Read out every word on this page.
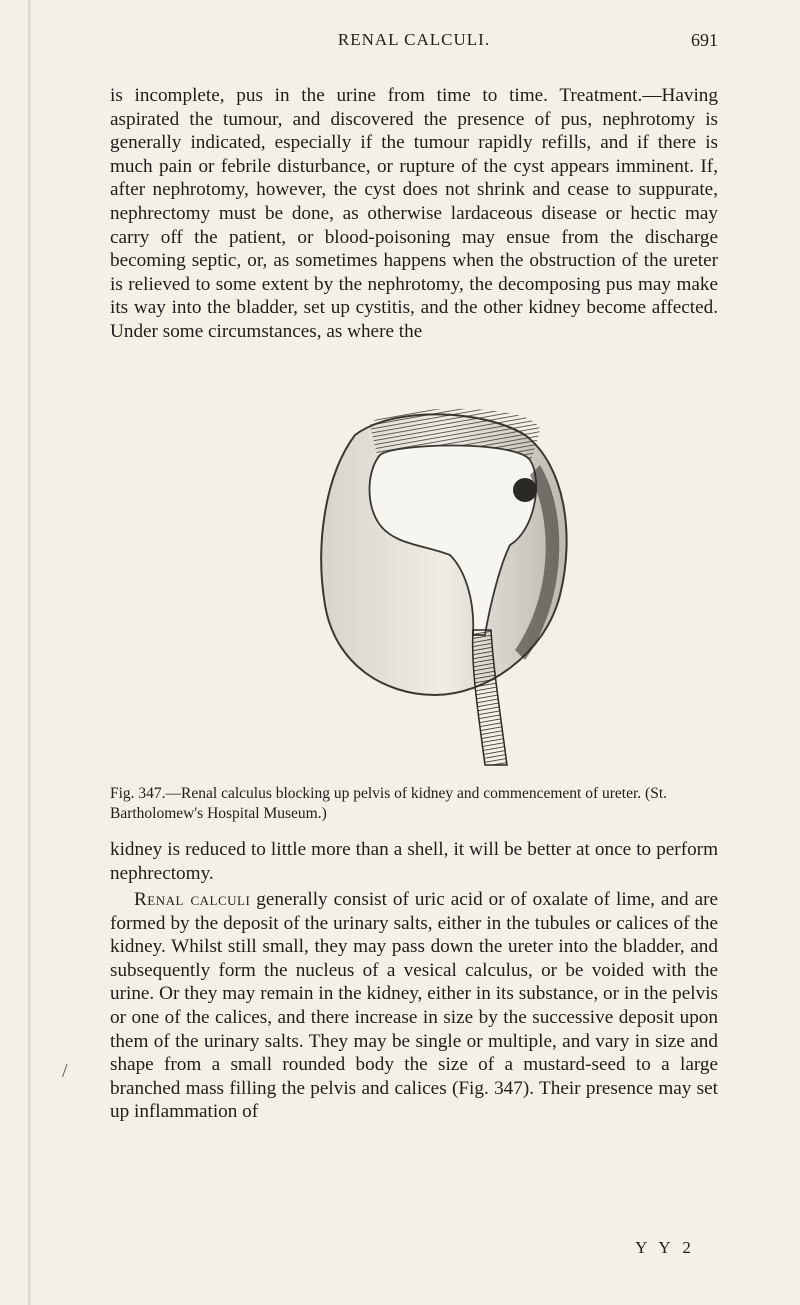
RENAL CALCULI.	691

is incomplete, pus in the urine from time to time. Treatment.—Having aspirated the tumour, and discovered the presence of pus, nephrotomy is generally indicated, especially if the tumour rapidly refills, and if there is much pain or febrile disturbance, or rupture of the cyst appears imminent. If, after nephrotomy, however, the cyst does not shrink and cease to suppurate, nephrectomy must be done, as otherwise lardaceous disease or hectic may carry off the patient, or blood-poisoning may ensue from the discharge becoming septic, or, as sometimes happens when the obstruction of the ureter is relieved to some extent by the nephrotomy, the decomposing pus may make its way into the bladder, set up cystitis, and the other kidney become affected. Under some circumstances, as where the

Fig. 347.—Renal calculus blocking up pelvis of kidney and commencement of ureter. (St. Bartholomew's Hospital Museum.)

kidney is reduced to little more than a shell, it will be better at once to perform nephrectomy.

Renal calculi generally consist of uric acid or of oxalate of lime, and are formed by the deposit of the urinary salts, either in the tubules or calices of the kidney. Whilst still small, they may pass down the ureter into the bladder, and subsequently form the nucleus of a vesical calculus, or be voided with the urine. Or they may remain in the kidney, either in its substance, or in the pelvis or one of the calices, and there increase in size by the successive deposit upon them of the urinary salts. They may be single or multiple, and vary in size and shape from a small rounded body the size of a mustard-seed to a large branched mass filling the pelvis and calices (Fig. 347). Their presence may set up inflammation of

/
Y Y 2
